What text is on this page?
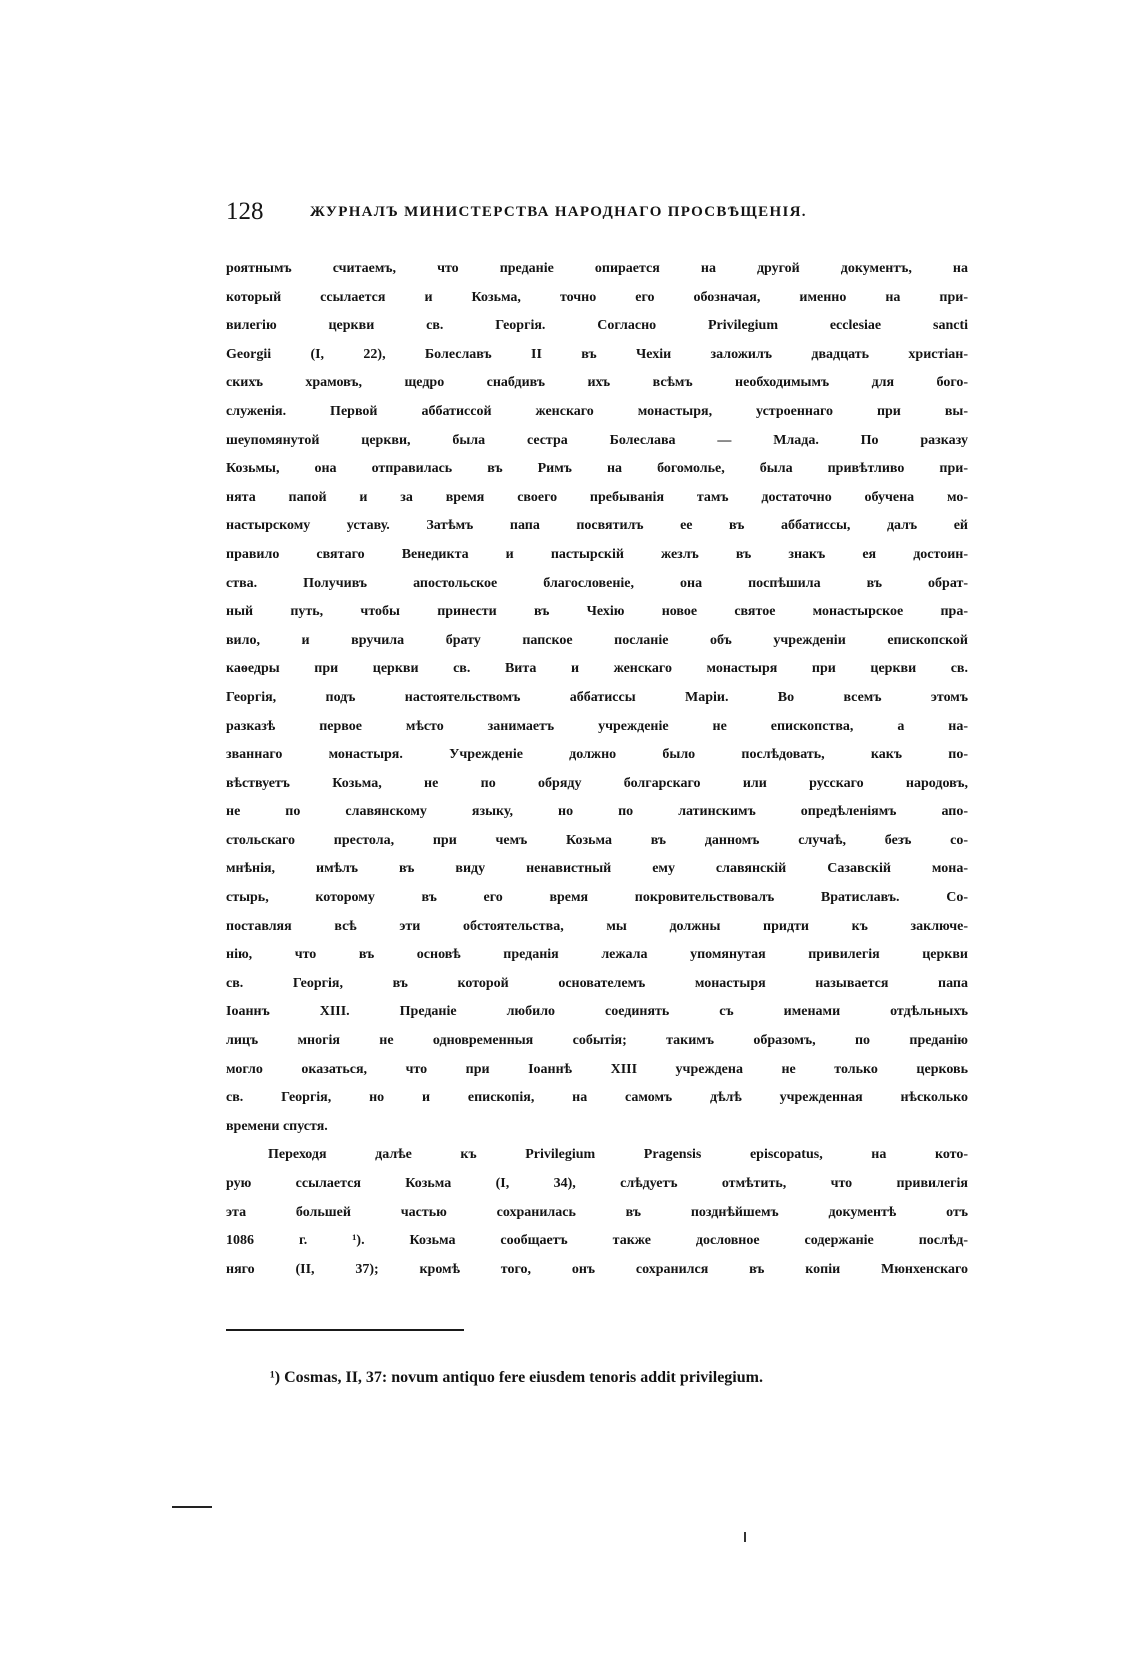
128	ЖУРНАЛЪ МИНИСТЕРСТВА НАРОДНАГО ПРОСВѢЩЕНІЯ.
роятнымъ считаемъ, что преданіе опирается на другой документъ, на
который ссылается и Козьма, точно его обозначая, именно на при-
вилегію церкви св. Георгія. Согласно Privilegium ecclesiae sancti
Georgii (I, 22), Болеславъ II въ Чехіи заложилъ двадцать христіан-
скихъ храмовъ, щедро снабдивъ ихъ всѣмъ необходимымъ для бого-
служенія. Первой аббатиссой женскаго монастыря, устроеннаго при вы-
шеупомянутой церкви, была сестра Болеслава — Млада. По разказу
Козьмы, она отправилась въ Римъ на богомолье, была привѣтливо при-
нята папой и за время своего пребыванія тамъ достаточно обучена мо-
настырскому уставу. Затѣмъ папа посвятилъ ее въ аббатиссы, далъ ей
правило святаго Венедикта и пастырскій жезлъ въ знакъ ея достоин-
ства. Получивъ апостольское благословеніе, она поспѣшила въ обрат-
ный путь, чтобы принести въ Чехію новое святое монастырское пра-
вило, и вручила брату папское посланіе объ учрежденіи епископской
каѳедры при церкви св. Вита и женскаго монастыря при церкви св.
Георгія, подъ настоятельствомъ аббатиссы Маріи. Во всемъ этомъ
разказѣ первое мѣсто занимаетъ учрежденіе не епископства, а на-
званнаго монастыря. Учрежденіе должно было послѣдовать, какъ по-
вѣствуетъ Козьма, не по обряду болгарскаго или русскаго народовъ,
не по славянскому языку, но по латинскимъ опредѣленіямъ апо-
стольскаго престола, при чемъ Козьма въ данномъ случаѣ, безъ со-
мнѣнія, имѣлъ въ виду ненавистный ему славянскій Сазавскій мона-
стырь, которому въ его время покровительствовалъ Вратиславъ. Со-
поставляя всѣ эти обстоятельства, мы должны придти къ заключе-
нію, что въ основѣ преданія лежала упомянутая привилегія церкви
св. Георгія, въ которой основателемъ монастыря называется папа
Іоаннъ XIII. Преданіе любило соединять съ именами отдѣльныхъ
лицъ многія не одновременныя событія; такимъ образомъ, по преданію
могло оказаться, что при Іоаннѣ XIII учреждена не только церковь
св. Георгія, но и епископія, на самомъ дѣлѣ учрежденная нѣсколько
времени спустя.
Переходя далѣе къ Privilegium Pragensis episcopatus, на кото-
рую ссылается Козьма (I, 34), слѣдуетъ отмѣтить, что привилегія
эта большей частью сохранилась въ позднѣйшемъ документѣ отъ
1086 г. ¹). Козьма сообщаетъ также дословное содержаніе послѣд-
няго (II, 37); кромѣ того, онъ сохранился въ копіи Мюнхенскаго
¹) Cosmas, II, 37: novum antiquo fere eiusdem tenoris addit privilegium.
